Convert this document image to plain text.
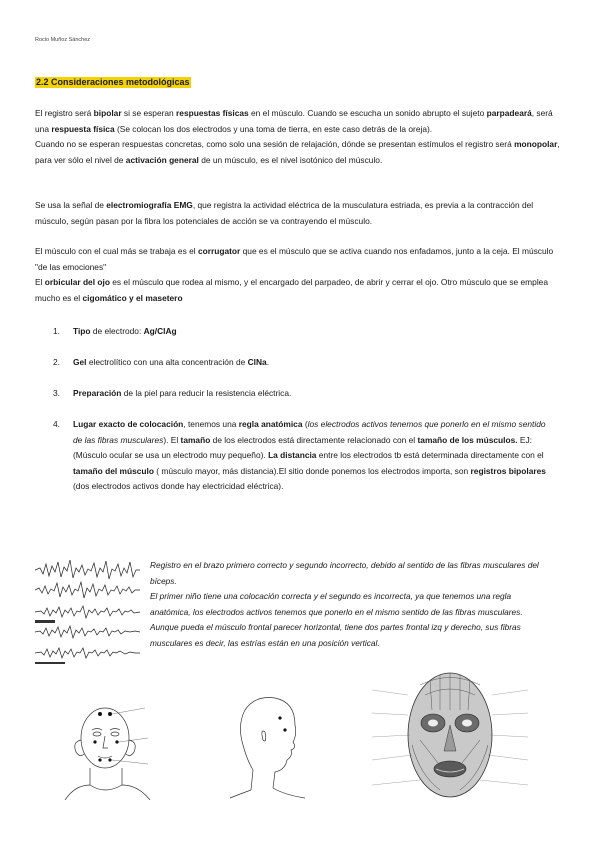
Rocio Muñoz Sánchez
2.2 Consideraciones metodológicas

El registro será bipolar si se esperan respuestas físicas en el músculo. Cuando se escucha un sonido abrupto el sujeto parpadeará, será una respuesta física (Se colocan los dos electrodos y una toma de tierra, en este caso detrás de la oreja).
Cuando no se esperan respuestas concretas, como solo una sesión de relajación, dónde se presentan estímulos el registro será monopolar, para ver sólo el nivel de activación general de un músculo, es el nivel isotónico del músculo.

Se usa la señal de electromiografía EMG, que registra la actividad eléctrica de la musculatura estriada, es previa a la contracción del músculo, según pasan por la fibra los potenciales de acción se va contrayendo el músculo.

El músculo con el cual más se trabaja es el corrugator que es el músculo que se activa cuando nos enfadamos, junto a la ceja. El músculo "de las emociones"
El orbicular del ojo es el músculo que rodea al mismo, y el encargado del parpadeo, de abrir y cerrar el ojo. Otro músculo que se emplea mucho es el cigomático y el masetero

1.	Tipo de electrodo: Ag/ClAg
2.	Gel electrolítico con una alta concentración de ClNa.
3.	Preparación de la piel para reducir la resistencia eléctrica.
4.	Lugar exacto de colocación, tenemos una regla anatómica (los electrodos activos tenemos que ponerlo en el mismo sentido de las fibras musculares). El tamaño de los electrodos está directamente relacionado con el tamaño de los músculos. EJ: (Músculo ocular se usa un electrodo muy pequeño). La distancia entre los electrodos tb está determinada directamente con el tamaño del músculo ( músculo mayor, más distancia).El sitio donde ponemos los electrodos importa, son registros bipolares (dos electrodos activos donde hay electricidad eléctrica).
Registro en el brazo primero correcto y segundo incorrecto, debido al sentido de las fibras musculares del bíceps.
El primer niño tiene una colocación correcta y el segundo es incorrecta, ya que tenemos una regla anatómica, los electrodos activos tenemos que ponerlo en el mismo sentido de las fibras musculares. Aunque pueda el músculo frontal parecer horizontal, tiene dos partes frontal izq y derecho, sus fibras musculares es decir, las estrías están en una posición vertical.
